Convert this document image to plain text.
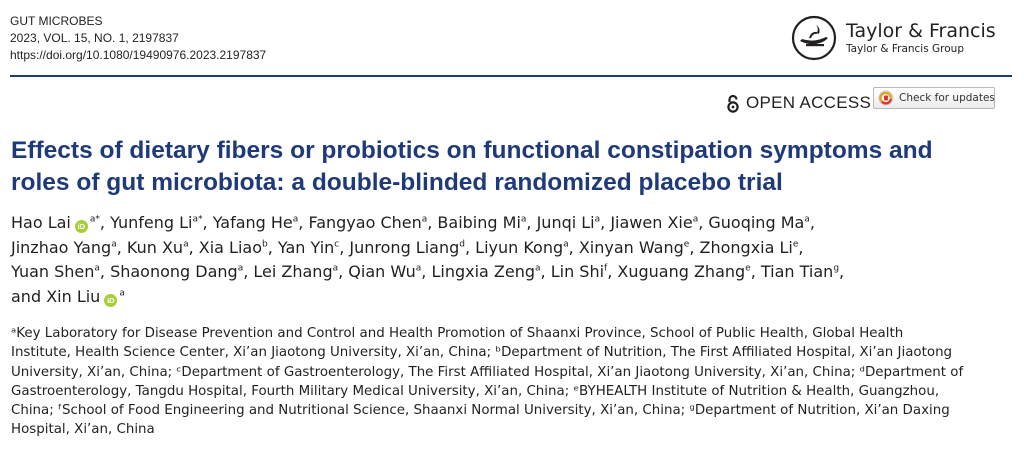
GUT MICROBES
2023, VOL. 15, NO. 1, 2197837
https://doi.org/10.1080/19490976.2023.2197837
Taylor & Francis
Taylor & Francis Group
OPEN ACCESS	Check for updates
Effects of dietary fibers or probiotics on functional constipation symptoms and
roles of gut microbiota: a double-blinded randomized placebo trial
Hao Lai $iD^{a*}$, Yunfeng $Li^{a*}$, Yafang He$^a$, Fangyao Chen$^a$, Baibing Mi$^a$, Junqi Li$^a$, Jiawen Xie$^a$, Guoqing Ma$^a$,
Jinzhao Yang$^a$, Kun Xu$^a$, Xia Liao$^b$, Yan Yin$^c$, Junrong Liang$^d$, Liyun Kong$^a$, Xinyan Wang$^e$, Zhongxia Li$^e$,
Yuan Shen$^a$, Shaonong Dang$^a$, Lei Zhang$^a$, Qian Wu$^a$, Lingxia Zeng$^a$, Lin Shi$^f$, Xuguang Zhang$^e$, Tian Tian$^g$,
and Xin Liu $iD^a$
ᵃKey Laboratory for Disease Prevention and Control and Health Promotion of Shaanxi Province, School of Public Health, Global Health
Institute, Health Science Center, Xi’an Jiaotong University, Xi’an, China; ᵇDepartment of Nutrition, The First Affiliated Hospital, Xi’an Jiaotong
University, Xi’an, China; ᶜDepartment of Gastroenterology, The First Affiliated Hospital, Xi’an Jiaotong University, Xi’an, China; ᵈDepartment of
Gastroenterology, Tangdu Hospital, Fourth Military Medical University, Xi’an, China; ᵉBYHEALTH Institute of Nutrition & Health, Guangzhou,
China; ᶠSchool of Food Engineering and Nutritional Science, Shaanxi Normal University, Xi’an, China; ᵍDepartment of Nutrition, Xi’an Daxing
Hospital, Xi’an, China
